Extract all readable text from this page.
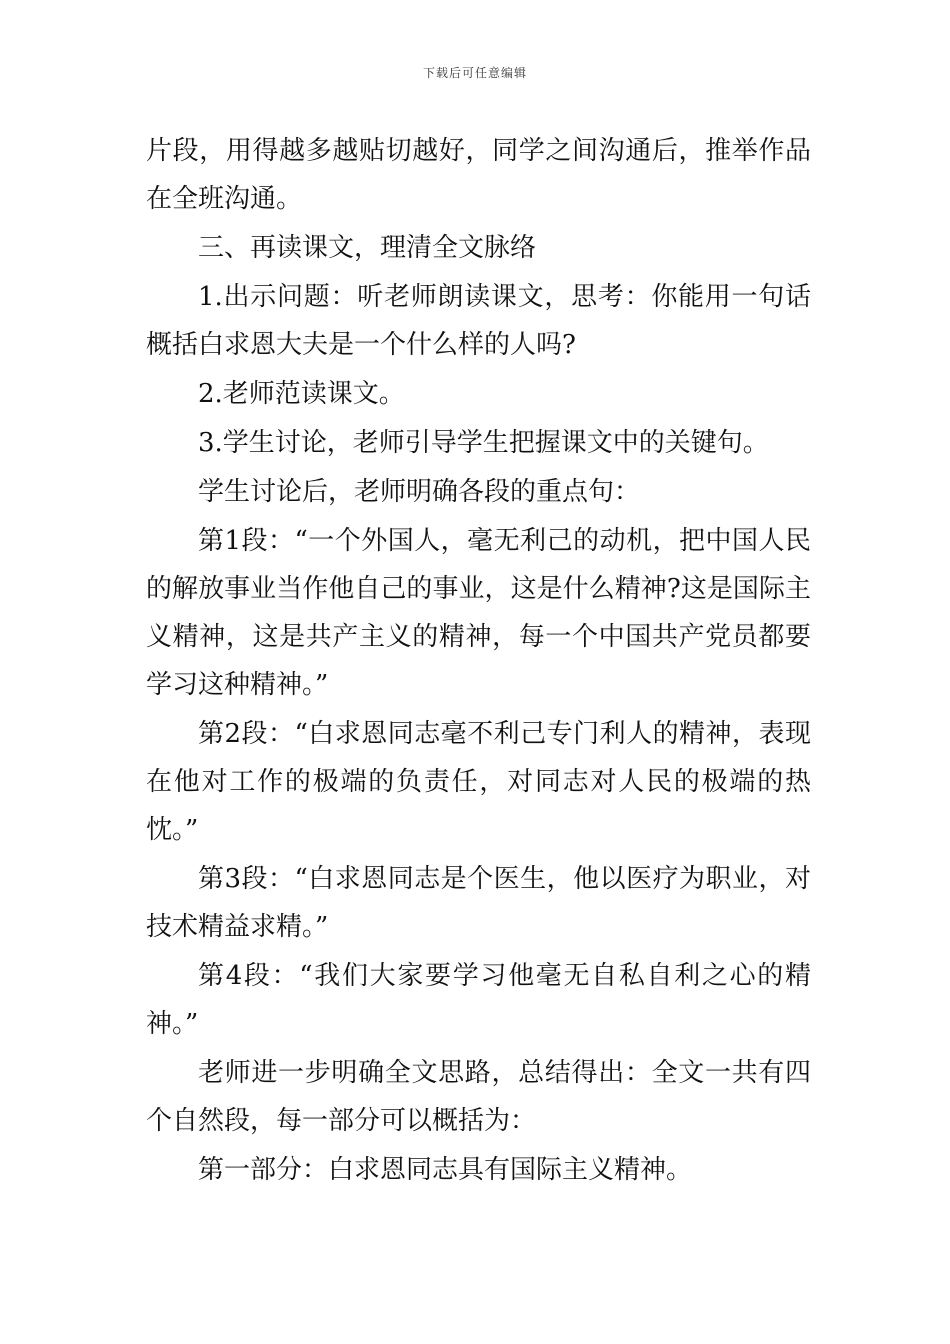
下载后可任意编辑

片段，用得越多越贴切越好，同学之间沟通后，推举作品在全班沟通。

三、再读课文，理清全文脉络

1.出示问题：听老师朗读课文，思考：你能用一句话概括白求恩大夫是一个什么样的人吗?

2.老师范读课文。

3.学生讨论，老师引导学生把握课文中的关键句。

学生讨论后，老师明确各段的重点句：

第1段：“一个外国人，毫无利己的动机，把中国人民的解放事业当作他自己的事业，这是什么精神?这是国际主义精神，这是共产主义的精神，每一个中国共产党员都要学习这种精神。”

第2段：“白求恩同志毫不利己专门利人的精神，表现在他对工作的极端的负责任，对同志对人民的极端的热忱。”

第3段：“白求恩同志是个医生，他以医疗为职业，对技术精益求精。”

第4段：“我们大家要学习他毫无自私自利之心的精神。”

老师进一步明确全文思路，总结得出：全文一共有四个自然段，每一部分可以概括为：

第一部分：白求恩同志具有国际主义精神。
